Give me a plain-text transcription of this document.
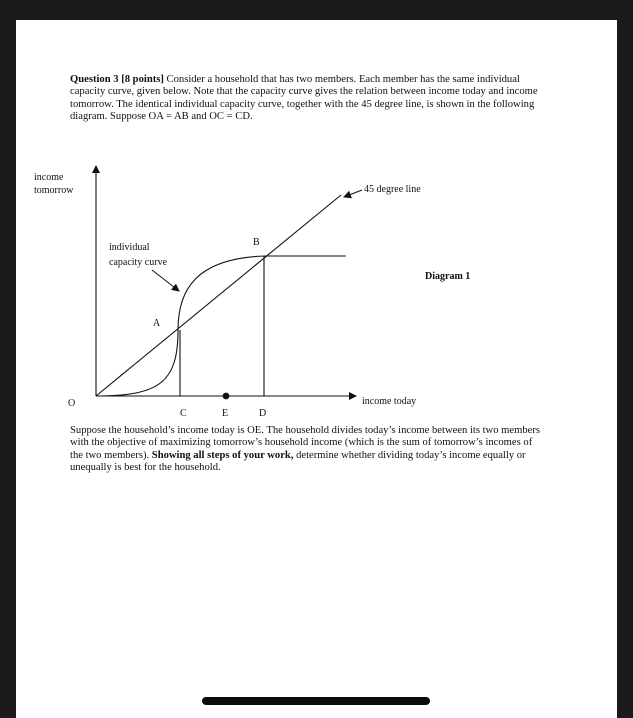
Question 3 [8 points] Consider a household that has two members. Each member has the same individual capacity curve, given below. Note that the capacity curve gives the relation between income today and income tomorrow. The identical individual capacity curve, together with the 45 degree line, is shown in the following diagram. Suppose OA = AB and OC = CD.
income
tomorrow
income today
O
45 degree line
individual
capacity curve
A
B
C	E	D
Diagram 1
Suppose the household’s income today is OE. The household divides today’s income between its two members with the objective of maximizing tomorrow’s household income (which is the sum of tomorrow’s incomes of the two members). Showing all steps of your work, determine whether dividing today’s income equally or unequally is best for the household.
